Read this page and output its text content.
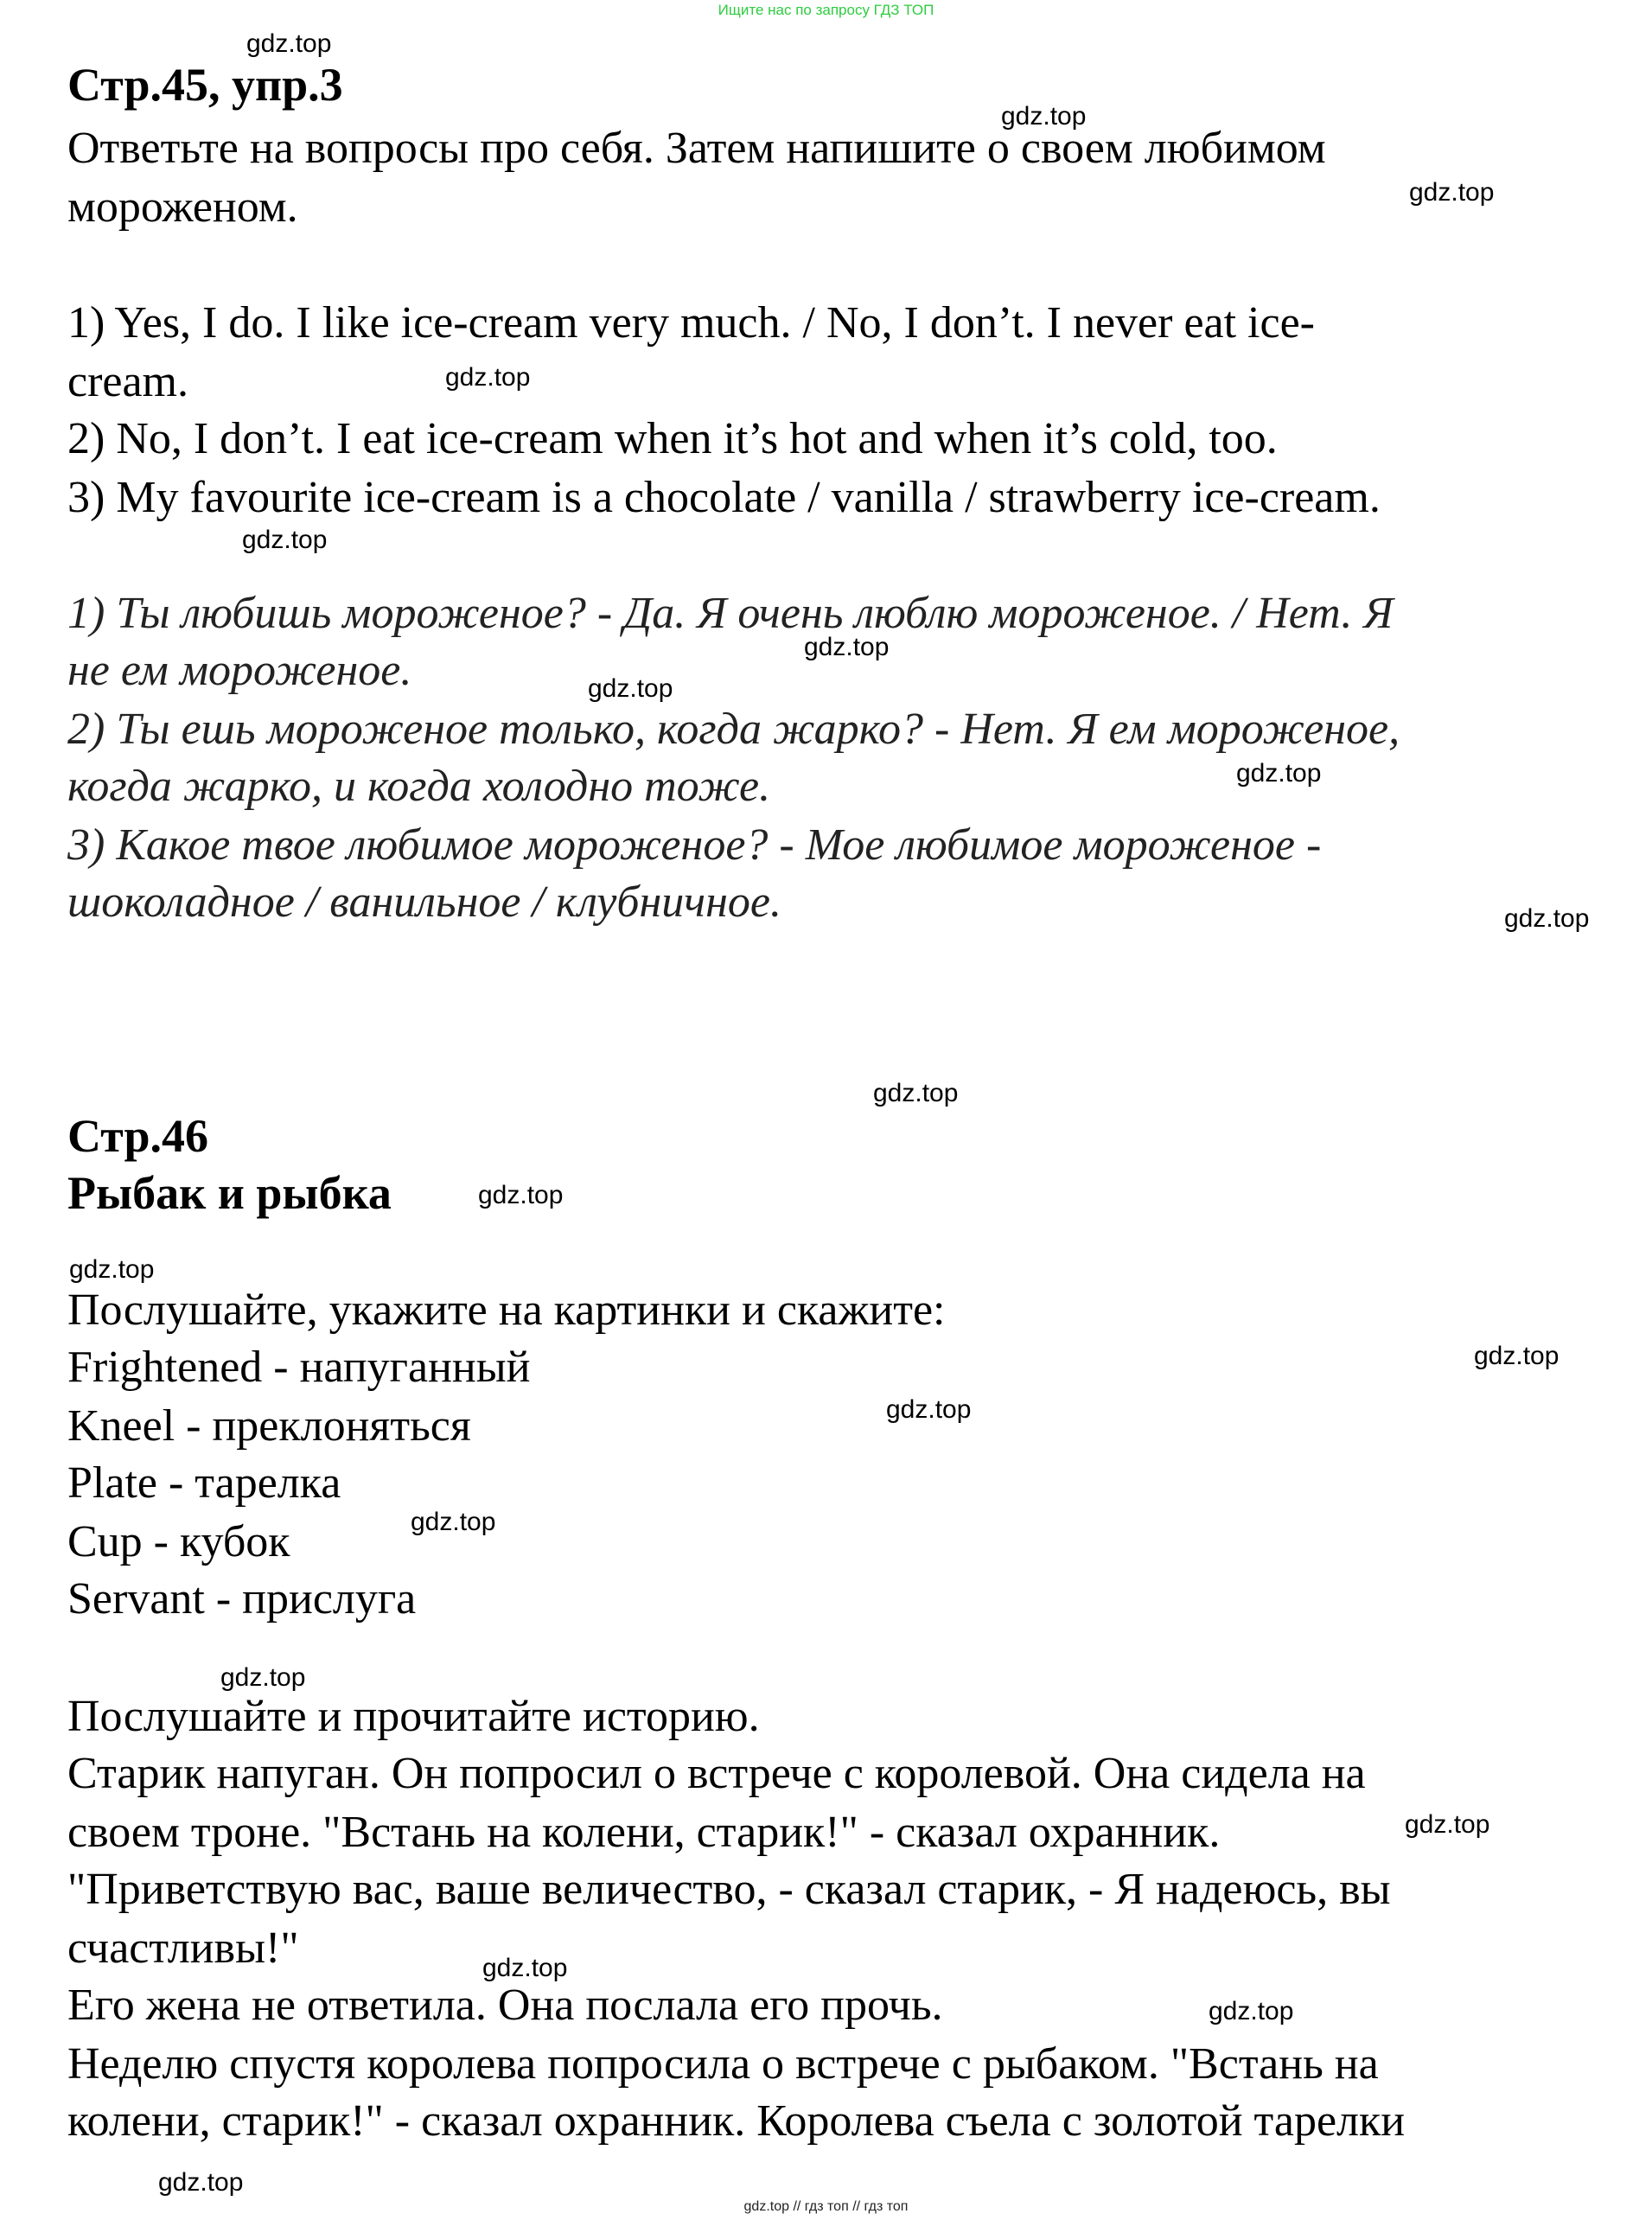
Ищите нас по запросу ГДЗ ТОП

Стр.45, упр.3

Ответьте на вопросы про себя. Затем напишите о своем любимом

мороженом.

1) Yes, I do. I like ice-cream very much. / No, I don’t. I never eat ice-

cream.

2) No, I don’t. I eat ice-cream when it’s hot and when it’s cold, too.

3) My favourite ice-cream is a chocolate / vanilla / strawberry ice-cream.

1) Ты любишь мороженое? - Да. Я очень люблю мороженое. / Нет. Я

не ем мороженое.

2) Ты ешь мороженое только, когда жарко? - Нет. Я ем мороженое,

когда жарко, и когда холодно тоже.

3) Какое твое любимое мороженое? - Мое любимое мороженое -

шоколадное / ванильное / клубничное.

Стр.46

Рыбак и рыбка

Послушайте, укажите на картинки и скажите:

Frightened - напуганный

Kneel - преклоняться

Plate - тарелка

Cup - кубок

Servant - прислуга

Послушайте и прочитайте историю.

Старик напуган. Он попросил о встрече с королевой. Она сидела на

своем троне. "Встань на колени, старик!" - сказал охранник.

"Приветствую вас, ваше величество, - сказал старик, - Я надеюсь, вы

счастливы!"

Его жена не ответила. Она послала его прочь.

Неделю спустя королева попросила о встрече с рыбаком. "Встань на

колени, старик!" - сказал охранник. Королева съела с золотой тарелки

gdz.top

gdz.top

gdz.top

gdz.top

gdz.top

gdz.top

gdz.top

gdz.top

gdz.top

gdz.top

gdz.top

gdz.top

gdz.top

gdz.top

gdz.top

gdz.top

gdz.top

gdz.top

gdz.top

gdz.top

gdz.top // гдз топ // гдз топ
